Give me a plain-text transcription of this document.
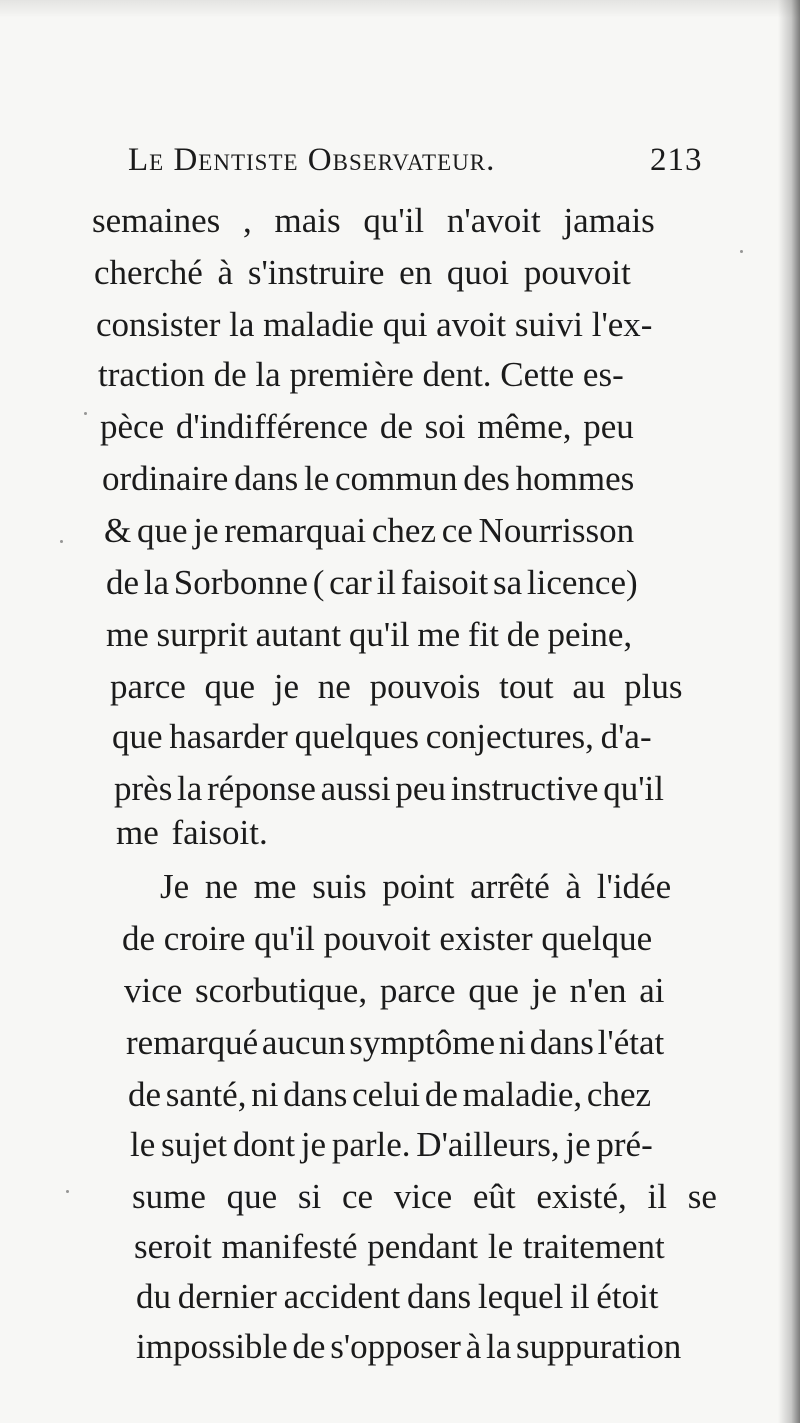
Le Dentiste Observateur.	213
semaines , mais qu'il n'avoit jamais
cherché à s'instruire en quoi pouvoit
consister la maladie qui avoit suivi l'ex-
traction de la première dent. Cette es-
pèce d'indifférence de soi même, peu
ordinaire dans le commun des hommes
& que je remarquai chez ce Nourrisson
de la Sorbonne ( car il faisoit sa licence)
me surprit autant qu'il me fit de peine,
parce que je ne pouvois tout au plus
que hasarder quelques conjectures, d'a-
près la réponse aussi peu instructive qu'il
me faisoit.
Je ne me suis point arrêté à l'idée
de croire qu'il pouvoit exister quelque
vice scorbutique, parce que je n'en ai
remarqué aucun symptôme ni dans l'état
de santé, ni dans celui de maladie, chez
le sujet dont je parle. D'ailleurs, je pré-
sume que si ce vice eût existé, il se
seroit manifesté pendant le traitement
du dernier accident dans lequel il étoit
impossible de s'opposer à la suppuration
